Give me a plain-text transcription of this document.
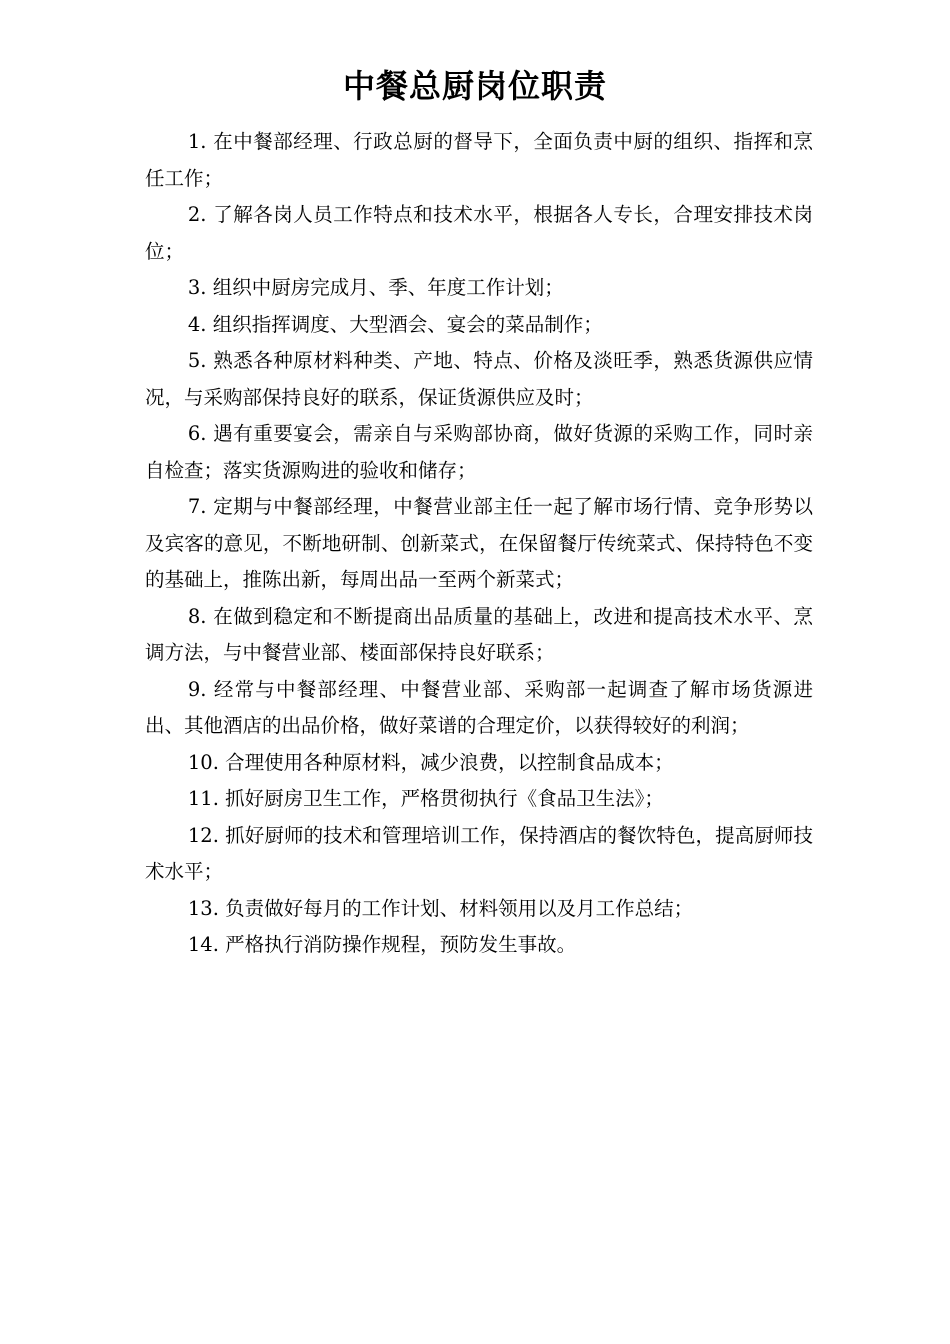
中餐总厨岗位职责

1. 在中餐部经理、行政总厨的督导下，全面负责中厨的组织、指挥和烹任工作；

2. 了解各岗人员工作特点和技术水平，根据各人专长，合理安排技术岗位；

3. 组织中厨房完成月、季、年度工作计划；

4. 组织指挥调度、大型酒会、宴会的菜品制作；

5. 熟悉各种原材料种类、产地、特点、价格及淡旺季，熟悉货源供应情况，与采购部保持良好的联系，保证货源供应及时；

6. 遇有重要宴会，需亲自与采购部协商，做好货源的采购工作，同时亲自检查；落实货源购进的验收和储存；

7. 定期与中餐部经理，中餐营业部主任一起了解市场行情、竞争形势以及宾客的意见，不断地研制、创新菜式，在保留餐厅传统菜式、保持特色不变的基础上，推陈出新，每周出品一至两个新菜式；

8. 在做到稳定和不断提商出品质量的基础上，改进和提高技术水平、烹调方法，与中餐营业部、楼面部保持良好联系；

9. 经常与中餐部经理、中餐营业部、采购部一起调查了解市场货源进出、其他酒店的出品价格，做好菜谱的合理定价，以获得较好的利润；

10. 合理使用各种原材料，减少浪费，以控制食品成本；

11. 抓好厨房卫生工作，严格贯彻执行《食品卫生法》；

12. 抓好厨师的技术和管理培训工作，保持酒店的餐饮特色，提高厨师技术水平；

13. 负责做好每月的工作计划、材料领用以及月工作总结；

14. 严格执行消防操作规程，预防发生事故。
